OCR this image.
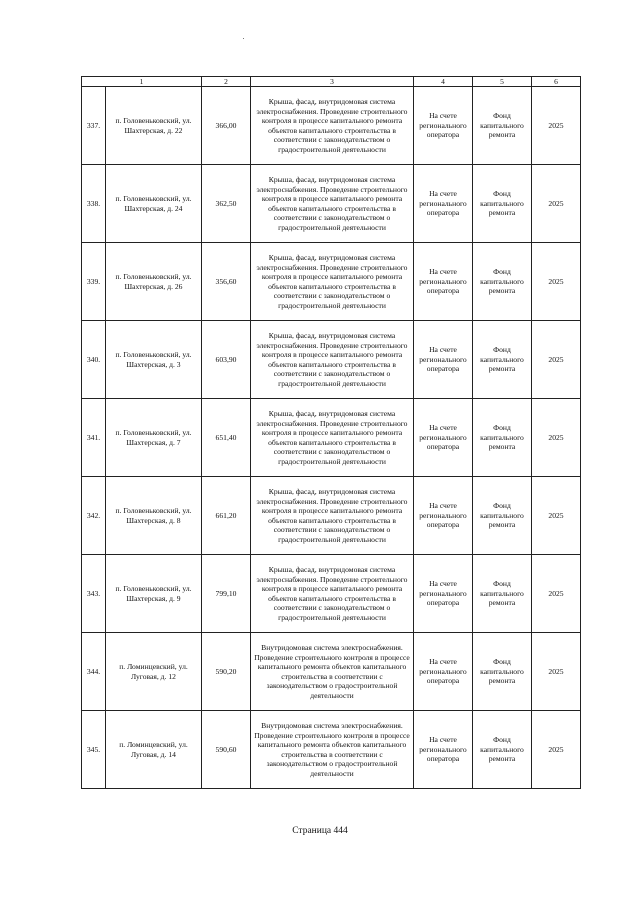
1		2	3	4	5	6
337.	п. Головеньковский, ул. Шахтерская, д. 22	366,00	Крыша, фасад, внутридомовая система электроснабжения. Проведение строительного контроля в процессе капитального ремонта объектов капитального строительства в соответствии с законодательством о градостроительной деятельности	На счете регионального оператора	Фонд капитального ремонта	2025
338.	п. Головеньковский, ул. Шахтерская, д. 24	362,50	Крыша, фасад, внутридомовая система электроснабжения. Проведение строительного контроля в процессе капитального ремонта объектов капитального строительства в соответствии с законодательством о градостроительной деятельности	На счете регионального оператора	Фонд капитального ремонта	2025
339.	п. Головеньковский, ул. Шахтерская, д. 26	356,60	Крыша, фасад, внутридомовая система электроснабжения. Проведение строительного контроля в процессе капитального ремонта объектов капитального строительства в соответствии с законодательством о градостроительной деятельности	На счете регионального оператора	Фонд капитального ремонта	2025
340.	п. Головеньковский, ул. Шахтерская, д. 3	603,90	Крыша, фасад, внутридомовая система электроснабжения. Проведение строительного контроля в процессе капитального ремонта объектов капитального строительства в соответствии с законодательством о градостроительной деятельности	На счете регионального оператора	Фонд капитального ремонта	2025
341.	п. Головеньковский, ул. Шахтерская, д. 7	651,40	Крыша, фасад, внутридомовая система электроснабжения. Проведение строительного контроля в процессе капитального ремонта объектов капитального строительства в соответствии с законодательством о градостроительной деятельности	На счете регионального оператора	Фонд капитального ремонта	2025
342.	п. Головеньковский, ул. Шахтерская, д. 8	661,20	Крыша, фасад, внутридомовая система электроснабжения. Проведение строительного контроля в процессе капитального ремонта объектов капитального строительства в соответствии с законодательством о градостроительной деятельности	На счете регионального оператора	Фонд капитального ремонта	2025
343.	п. Головеньковский, ул. Шахтерская, д. 9	799,10	Крыша, фасад, внутридомовая система электроснабжения. Проведение строительного контроля в процессе капитального ремонта объектов капитального строительства в соответствии с законодательством о градостроительной деятельности	На счете регионального оператора	Фонд капитального ремонта	2025
344.	п. Ломинцевский, ул. Луговая, д. 12	590,20	Внутридомовая система электроснабжения. Проведение строительного контроля в процессе капитального ремонта объектов капитального строительства в соответствии с законодательством о градостроительной деятельности	На счете регионального оператора	Фонд капитального ремонта	2025
345.	п. Ломинцевский, ул. Луговая, д. 14	590,60	Внутридомовая система электроснабжения. Проведение строительного контроля в процессе капитального ремонта объектов капитального строительства в соответствии с законодательством о градостроительной деятельности	На счете регионального оператора	Фонд капитального ремонта	2025
Страница 444
